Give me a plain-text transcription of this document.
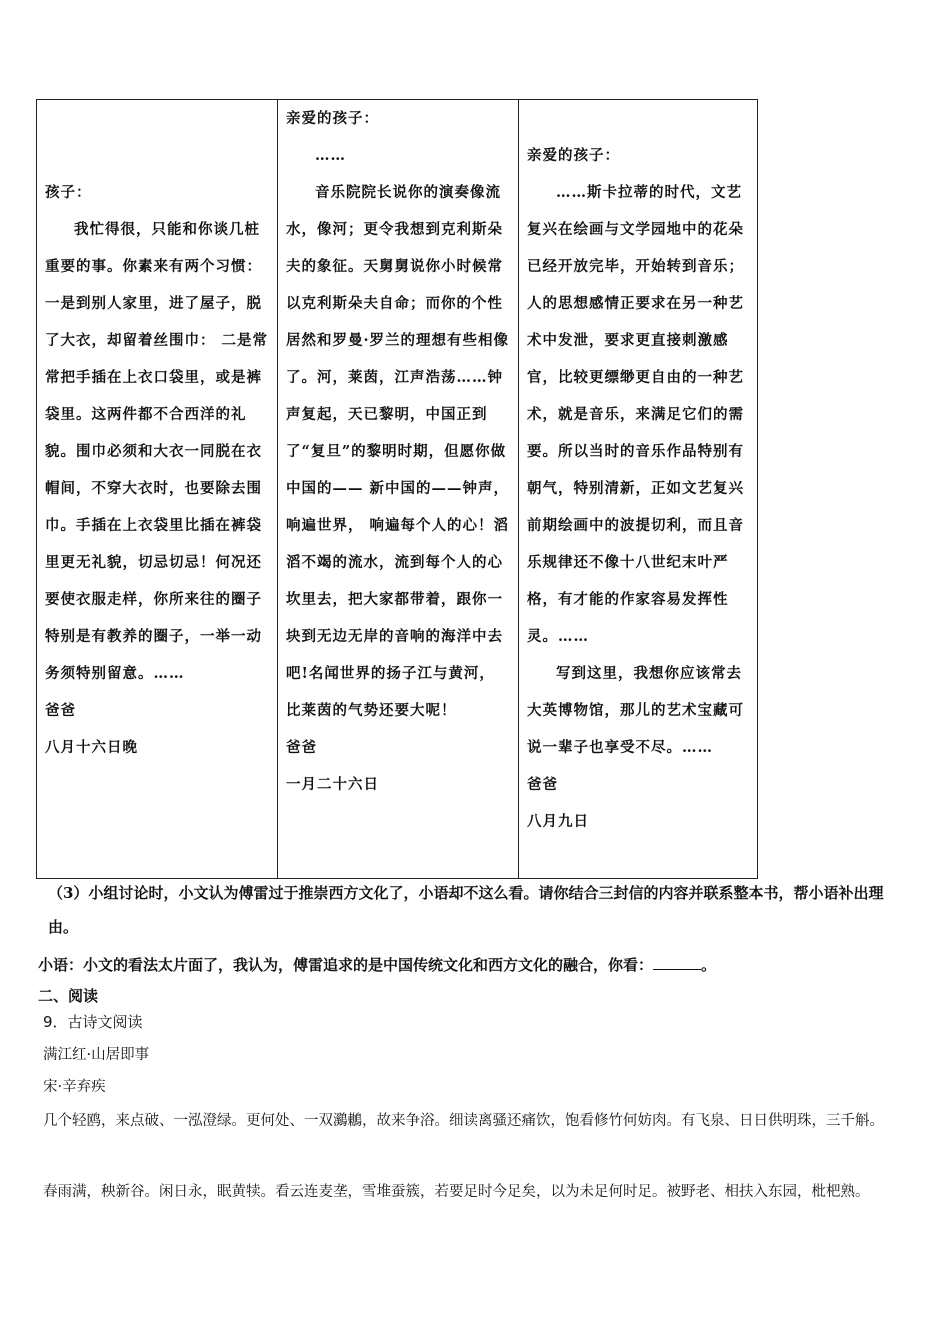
孩子：

我忙得很，只能和你谈几桩重要的事。你素来有两个习惯：一是到别人家里，进了屋子，脱了大衣，却留着丝围巾： 二是常常把手插在上衣口袋里，或是裤袋里。这两件都不合西洋的礼貌。围巾必须和大衣一同脱在衣帽间，不穿大衣时，也要除去围巾。手插在上衣袋里比插在裤袋里更无礼貌，切忌切忌！何况还要使衣服走样，你所来往的圈子特别是有教养的圈子，一举一动务须特别留意。……

爸爸

八月十六日晚

亲爱的孩子：

……

音乐院院长说你的演奏像流水，像河；更令我想到克利斯朵夫的象征。天舅舅说你小时候常以克利斯朵夫自命；而你的个性居然和罗曼·罗兰的理想有些相像了。河，莱茵，江声浩荡……钟声复起，天已黎明，中国正到了“复旦”的黎明时期，但愿你做中国的—— 新中国的——钟声，响遍世界， 响遍每个人的心！滔滔不竭的流水，流到每个人的心坎里去，把大家都带着，跟你一块到无边无岸的音响的海洋中去吧!名闻世界的扬子江与黄河，比莱茵的气势还要大呢！

爸爸

一月二十六日

亲爱的孩子：

……斯卡拉蒂的时代，文艺复兴在绘画与文学园地中的花朵已经开放完毕，开始转到音乐；人的思想感情正要求在另一种艺术中发泄，要求更直接刺激感官，比较更缥缈更自由的一种艺术，就是音乐，来满足它们的需要。所以当时的音乐作品特别有朝气，特别清新，正如文艺复兴前期绘画中的波提切利，而且音乐规律还不像十八世纪末叶严格，有才能的作家容易发挥性灵。……

写到这里，我想你应该常去大英博物馆，那儿的艺术宝藏可说一辈子也享受不尽。……

爸爸

八月九日

（3）小组讨论时，小文认为傅雷过于推崇西方文化了，小语却不这么看。请你结合三封信的内容并联系整本书，帮小语补出理由。

小语：小文的看法太片面了，我认为，傅雷追求的是中国传统文化和西方文化的融合，你看：	。
二、阅读
9．古诗文阅读
满江红·山居即事
宋·辛弃疾
几个轻鸥，来点破、一泓澄绿。更何处、一双鸂鶒，故来争浴。细读离骚还痛饮，饱看修竹何妨肉。有飞泉、日日供明珠，三千斛。
春雨满，秧新谷。闲日永，眠黄犊。看云连麦垄，雪堆蚕簇，若要足时今足矣，以为未足何时足。被野老、相扶入东园，枇杷熟。
